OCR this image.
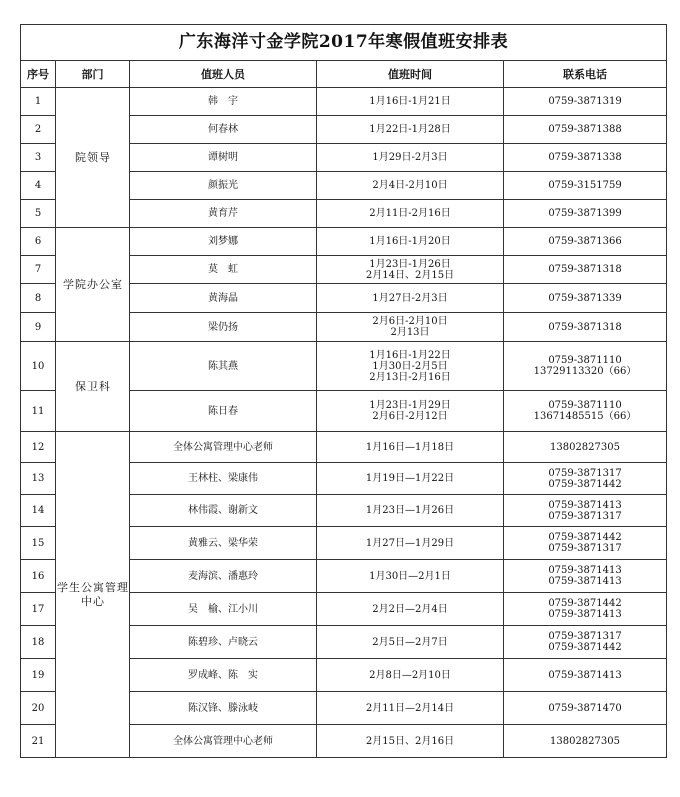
广东海洋寸金学院2017年寒假值班安排表				
序号	部门	值班人员	值班时间	联系电话
1	院领导	韩　宇	1月16日-1月21日	0759-3871319

2		何春林	1月22日-1月28日	0759-3871388

3		谭树明	1月29日-2月3日	0759-3871338

4		颜振光	2月4日-2月10日	0759-3151759

5		黄育芹	2月11日-2月16日	0759-3871399

6	学院办公室	刘梦娜	1月16日-1月20日	0759-3871366

7		莫　虹	1月23日-1月26日
2月14日、2月15日	0759-3871318

8		黄海晶	1月27日-2月3日	0759-3871339

9		梁仍扬	2月6日-2月10日
2月13日	0759-3871318

10	保卫科	陈其燕	1月16日-1月22日
1月30日-2月5日
2月13日-2月16日	0759-3871110
13729113320（66）

11		陈日春	1月23日-1月29日
2月6日-2月12日	0759-3871110
13671485515（66）

12	学生公寓管理中心	全体公寓管理中心老师	1月16日—1月18日	13802827305

13		王林柱、梁康伟	1月19日—1月22日	0759-3871317
0759-3871442

14		林伟霞、谢新文	1月23日—1月26日	0759-3871413
0759-3871317

15		黄雅云、梁华荣	1月27日—1月29日	0759-3871442
0759-3871317

16		麦海滨、潘惠玲	1月30日—2月1日	0759-3871413
0759-3871413

17		吴　榆、江小川	2月2日—2月4日	0759-3871442
0759-3871413

18		陈碧珍、卢晓云	2月5日—2月7日	0759-3871317
0759-3871442

19		罗成峰、陈　实	2月8日—2月10日	0759-3871413

20		陈汉锋、滕泳岐	2月11日—2月14日	0759-3871470

21		全体公寓管理中心老师	2月15日、2月16日	13802827305
